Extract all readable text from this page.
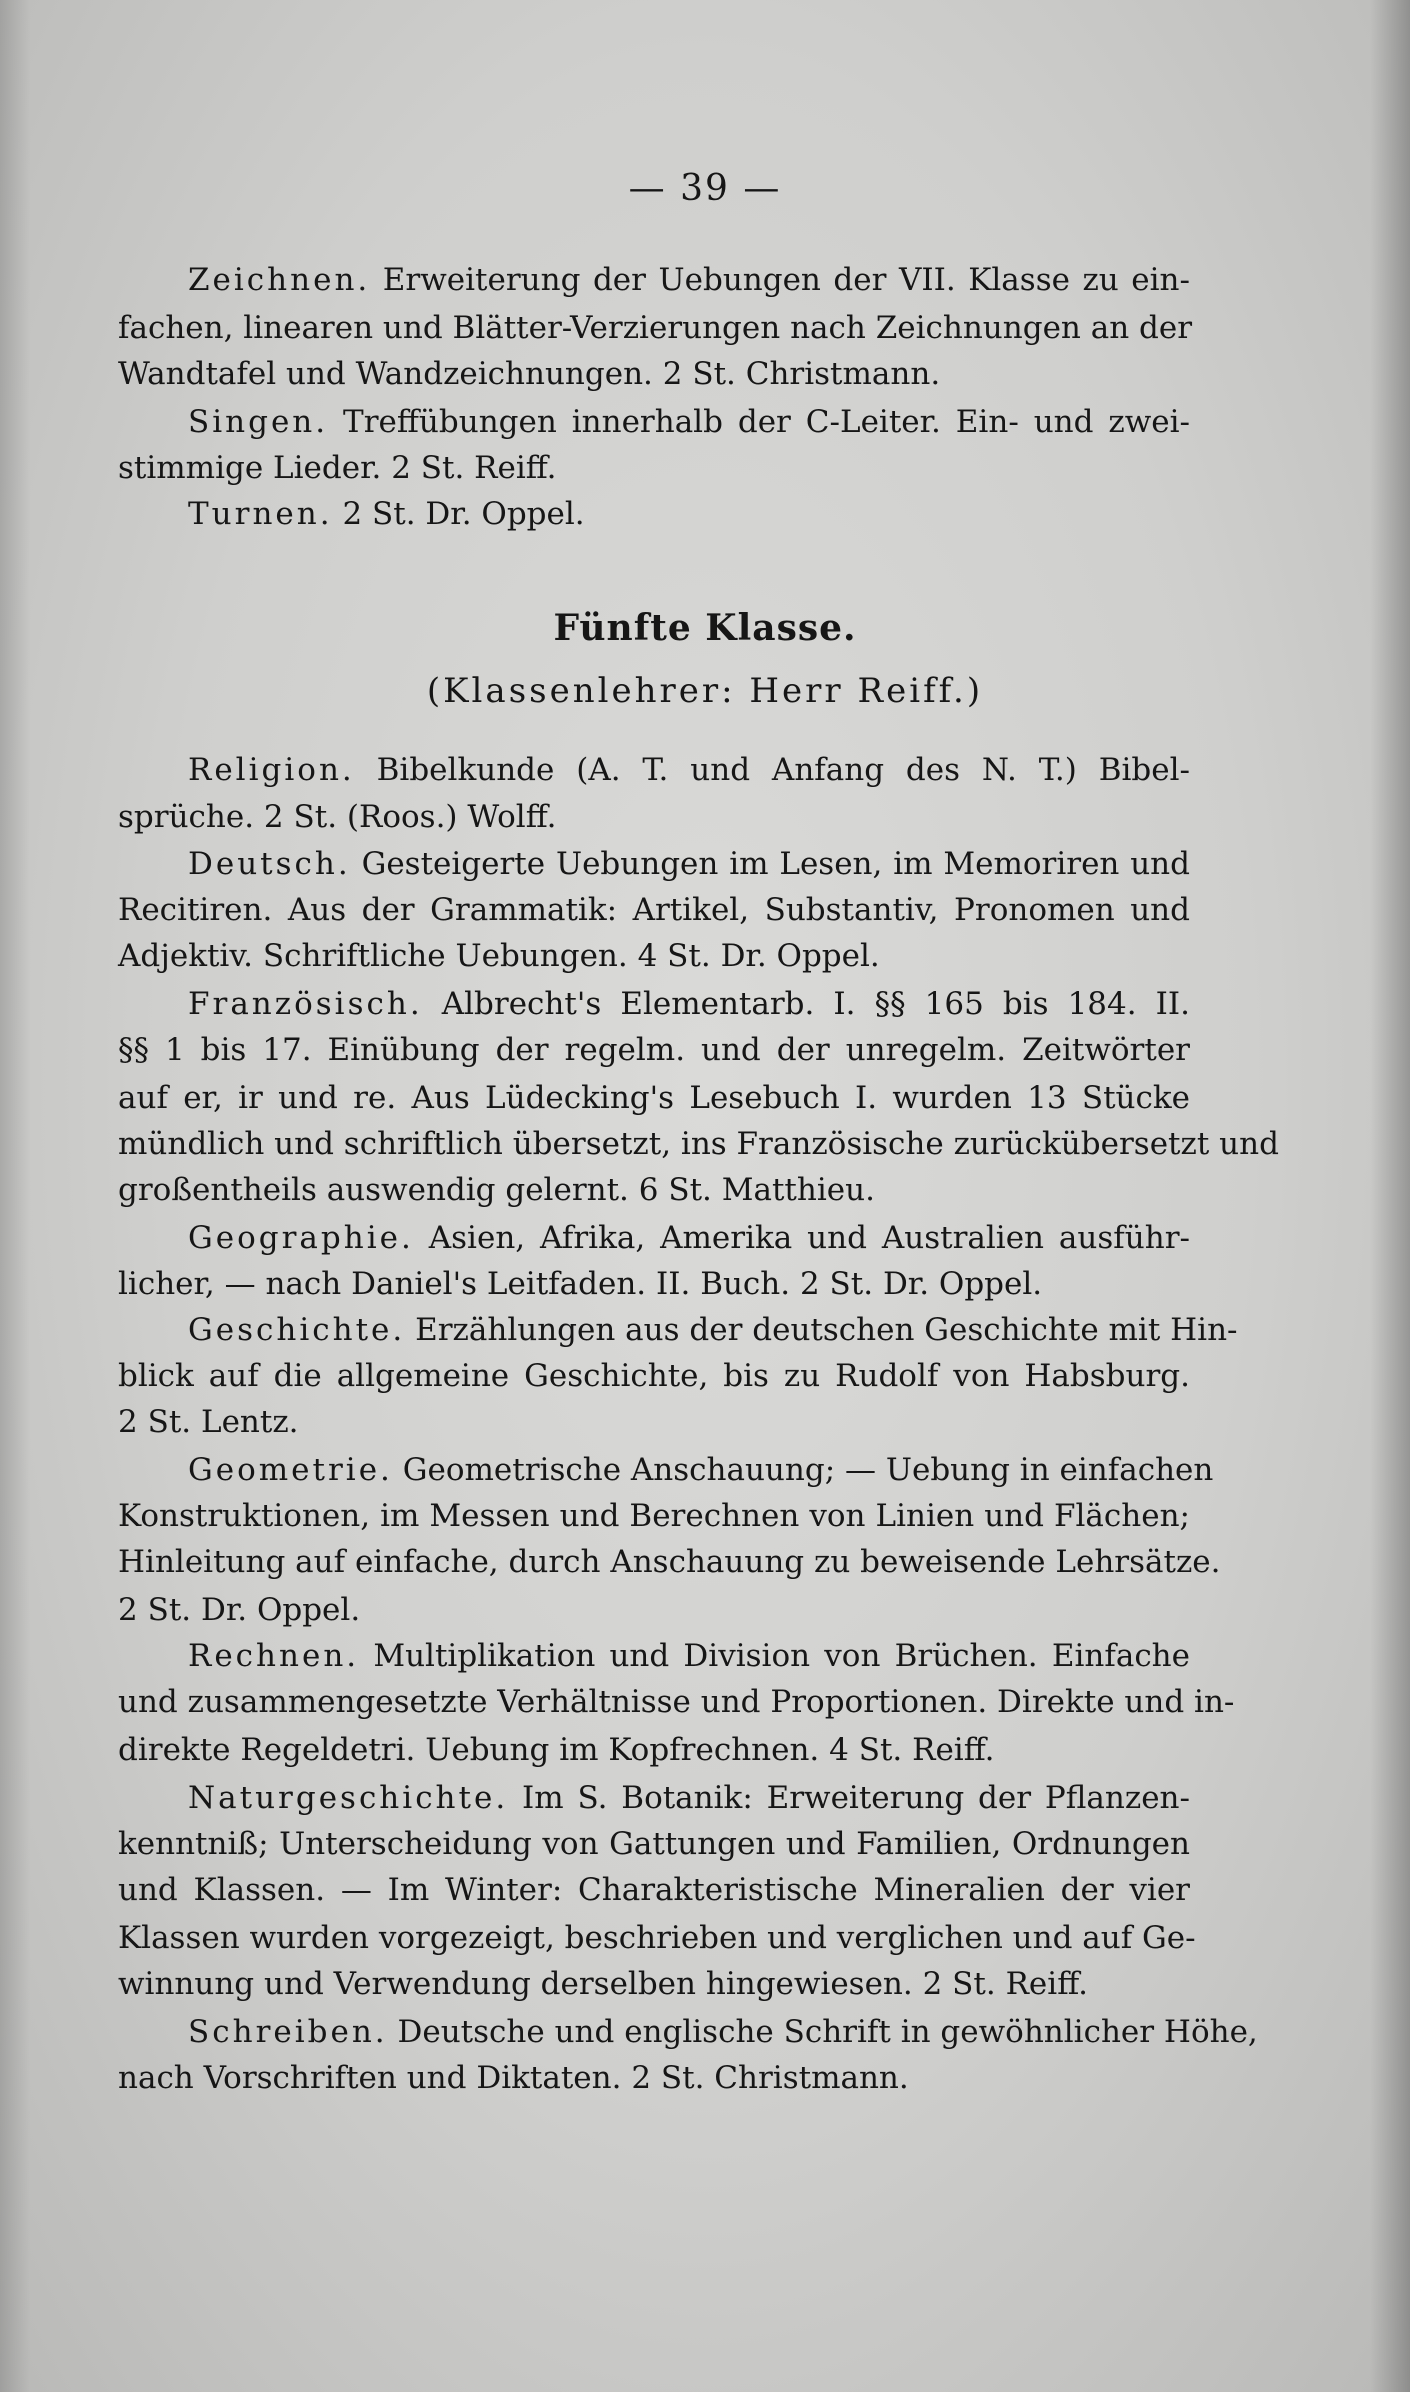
— 39 —
Fünfte Klasse.
(Klassenlehrer: Herr Reiff.)
Zeichnen. Erweiterung der Uebungen der VII. Klasse zu ein-
fachen, linearen und Blätter-Verzierungen nach Zeichnungen an der
Wandtafel und Wandzeichnungen. 2 St. Christmann.
Singen. Treffübungen innerhalb der C-Leiter. Ein- und zwei-
stimmige Lieder. 2 St. Reiff.
Turnen. 2 St. Dr. Oppel.
Religion. Bibelkunde (A. T. und Anfang des N. T.) Bibel-
sprüche. 2 St. (Roos.) Wolff.
Deutsch. Gesteigerte Uebungen im Lesen, im Memoriren und
Recitiren. Aus der Grammatik: Artikel, Substantiv, Pronomen und
Adjektiv. Schriftliche Uebungen. 4 St. Dr. Oppel.
Französisch. Albrecht's Elementarb. I. §§ 165 bis 184. II.
§§ 1 bis 17. Einübung der regelm. und der unregelm. Zeitwörter
auf er, ir und re. Aus Lüdecking's Lesebuch I. wurden 13 Stücke
mündlich und schriftlich übersetzt, ins Französische zurückübersetzt und
großentheils auswendig gelernt. 6 St. Matthieu.
Geographie. Asien, Afrika, Amerika und Australien ausführ-
licher, — nach Daniel's Leitfaden. II. Buch. 2 St. Dr. Oppel.
Geschichte. Erzählungen aus der deutschen Geschichte mit Hin-
blick auf die allgemeine Geschichte, bis zu Rudolf von Habsburg.
2 St. Lentz.
Geometrie. Geometrische Anschauung; — Uebung in einfachen
Konstruktionen, im Messen und Berechnen von Linien und Flächen;
Hinleitung auf einfache, durch Anschauung zu beweisende Lehrsätze.
2 St. Dr. Oppel.
Rechnen. Multiplikation und Division von Brüchen. Einfache
und zusammengesetzte Verhältnisse und Proportionen. Direkte und in-
direkte Regeldetri. Uebung im Kopfrechnen. 4 St. Reiff.
Naturgeschichte. Im S. Botanik: Erweiterung der Pflanzen-
kenntniß; Unterscheidung von Gattungen und Familien, Ordnungen
und Klassen. — Im Winter: Charakteristische Mineralien der vier
Klassen wurden vorgezeigt, beschrieben und verglichen und auf Ge-
winnung und Verwendung derselben hingewiesen. 2 St. Reiff.
Schreiben. Deutsche und englische Schrift in gewöhnlicher Höhe,
nach Vorschriften und Diktaten. 2 St. Christmann.
